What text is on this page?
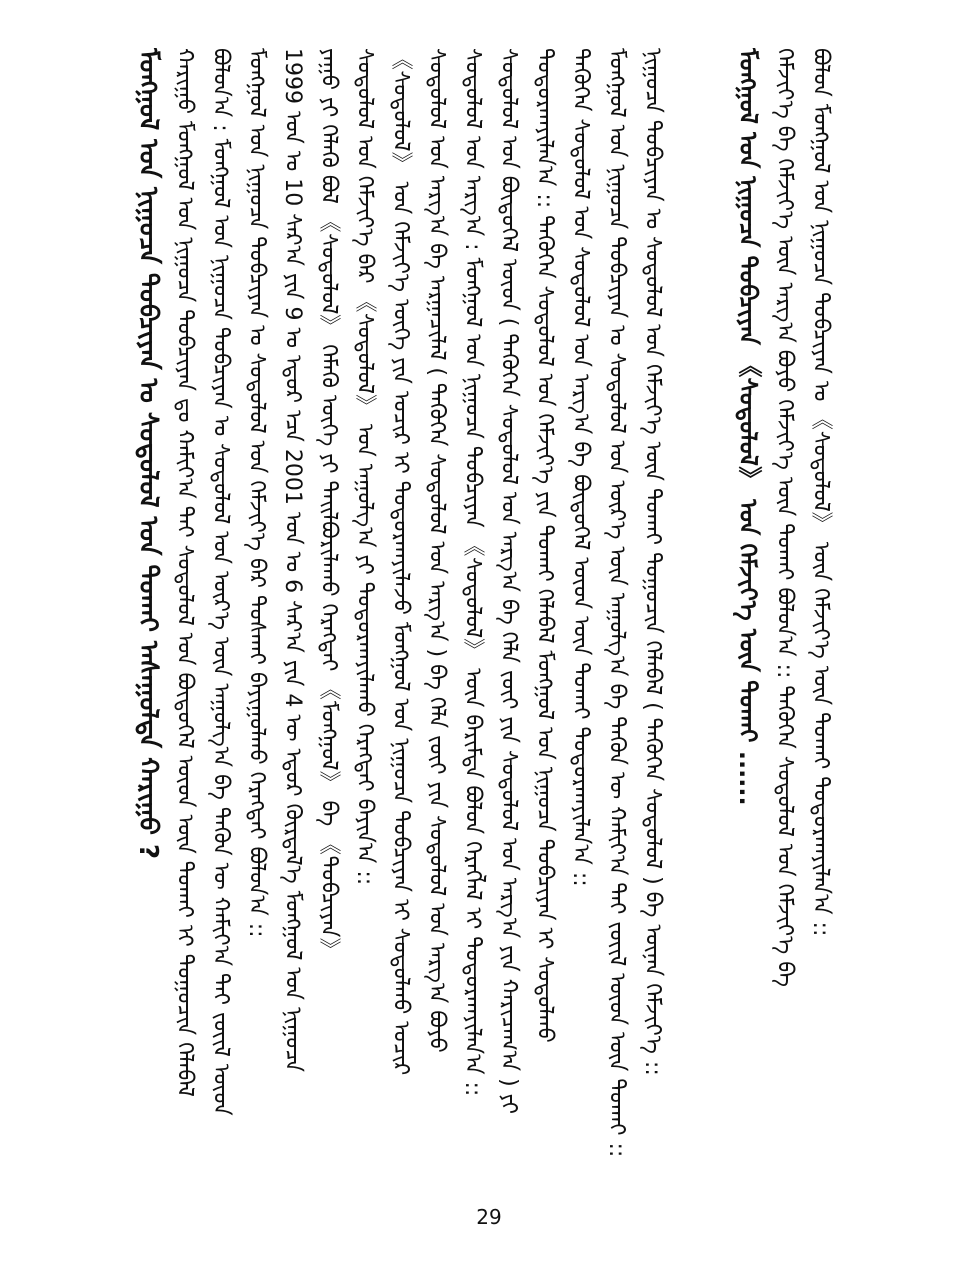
ᠮᠣᠩᠭᠣᠯ ᠤᠨ ᠨᠢᠭᠤᠴᠠ ᠲᠣᠪᠴᠢᠶᠠᠨ ᠤ ᠰᠤᠳᠤᠯᠤᠯ ᠤᠨ ᠲᠤᠬᠠᠢ ᠠᠰᠠᠭᠤᠯᠲᠠ ᠬᠠᠷᠢᠭᠤ ? ᠬᠠᠷᠢᠭᠤ ᠮᠣᠩᠭᠣᠯ ᠤᠨ ᠨᠢᠭᠤᠴᠠ ᠲᠣᠪᠴᠢᠶᠠᠨ ᠳᠤ ᠬᠠᠮᠢᠶ᠎ᠠ ᠲᠠᠢ ᠰᠤᠳᠤᠯᠤᠯ ᠤᠨ ᠪᠦᠲᠦᠭᠡᠯ ᠦᠳ ᠦᠨ ᠲᠤᠬᠠᠢ ᠢ ᠲᠣᠭᠤᠴᠢᠨ ᠬᠡᠯᠡᠪᠡᠯ ᠪᠣᠯᠤᠨ᠎ᠠ : ᠮᠣᠩᠭᠣᠯ ᠤᠨ ᠨᠢᠭᠤᠴᠠ ᠲᠣᠪᠴᠢᠶᠠᠨ ᠤ ᠰᠤᠳᠤᠯᠤᠯ ᠤᠨ ᠦᠷ᠎ᠡ ᠦᠨ ᠠᠭᠤᠯᠭ᠎ᠠ ᠪᠠ ᠲᠡᠭᠦᠨ ᠦ ᠬᠠᠮᠢᠶ᠎ᠠ ᠲᠠᠢ ᠵᠦᠢᠯ ᠦᠳ ᠮᠣᠩᠭᠣᠯ ᠤᠨ ᠨᠢᠭᠤᠴᠠ ᠲᠣᠪᠴᠢᠶᠠᠨ ᠤ ᠰᠤᠳᠤᠯᠤᠯ ᠤᠨ ᠬᠡᠮᠵᠢᠶ᠎ᠡ ᠪᠡᠷ ᠲᠤᠰᠬᠠᠢ ᠪᠠᠶᠢᠭᠤᠯᠬᠤ ᠬᠡᠷᠡᠭᠲᠡᠢ ᠪᠣᠯᠤᠨ᠎ᠠ :: 1999 ᠣᠨ ᠤ 10 ᠰᠠᠷ᠎ᠠ ᠶᠢᠨ 9 ᠤ ᠡᠳᠦᠷ ᠡᠴᠡ 2001 ᠣᠨ ᠤ 6 ᠰᠠᠷ᠎ᠠ ᠶᠢᠨ 4 ᠦ ᠡᠳᠦᠷ ᠬᠦᠷᠲᠡᠯ᠎ᠡ ᠮᠣᠩᠭᠣᠯ ᠤᠨ ᠨᠢᠭᠤᠴᠠ ᠶᠠᠭᠤ ᠶᠢ ᠬᠡᠯᠡᠬᠦ ᠪᠣᠯ 《ᠰᠤᠳᠤᠯᠤᠯ》 ᠬᠡᠮᠡᠬᠦ ᠦᠭᠡ ᠶᠢ ᠲᠠᠢᠯᠪᠤᠷᠢᠯᠠᠬᠤ ᠬᠡᠷᠡᠭᠲᠡᠢ 《ᠮᠣᠩᠭᠣᠯ》 ᠪᠠ 《ᠲᠣᠪᠴᠢᠶᠠᠨ》 ᠰᠤᠳᠤᠯᠤᠯ ᠤᠨ ᠬᠡᠮᠵᠢᠶ᠎ᠡ ᠪᠡᠷ 《ᠰᠤᠳᠤᠯᠤᠯ》 ᠤᠨ ᠠᠭᠤᠯᠭ᠎ᠠ ᠶᠢ ᠲᠣᠳᠣᠷᠬᠠᠶᠢᠯᠠᠬᠤ ᠬᠡᠷᠡᠭᠲᠡᠢ ᠪᠠᠶᠢᠨ᠎ᠠ :: 《ᠰᠤᠳᠤᠯᠤᠯ》 ᠤᠨ ᠬᠡᠮᠵᠢᠶ᠎ᠡ ᠦᠭᠡ ᠶᠢᠨ ᠤᠴᠢᠷ ᠢ ᠲᠣᠳᠣᠷᠬᠠᠶᠢᠯᠠᠵᠤ ᠮᠣᠩᠭᠣᠯ ᠤᠨ ᠨᠢᠭᠤᠴᠠ ᠲᠣᠪᠴᠢᠶᠠᠨ ᠢ ᠰᠤᠳᠤᠯᠬᠤ ᠤᠴᠢᠷ ᠰᠤᠳᠤᠯᠤᠯ ᠤᠨ ᠠᠷᠭ᠎ᠠ ᠪᠠ ᠠᠷᠭᠠᠴᠢᠯᠠᠯ ( ᠲᠡᠭᠦᠬᠡᠨ ᠰᠤᠳᠤᠯᠤᠯ ᠤᠨ ᠠᠷᠭ᠎ᠠ ) ᠪᠠ ᠬᠡᠯᠡ ᠵᠦᠢ ᠶᠢᠨ ᠰᠤᠳᠤᠯᠤᠯ ᠤᠨ ᠠᠷᠭ᠎ᠠ ᠪᠤᠶᠤ ᠰᠤᠳᠤᠯᠤᠯ ᠤᠨ ᠠᠷᠭ᠎ᠠ : ᠮᠣᠩᠭᠣᠯ ᠤᠨ ᠨᠢᠭᠤᠴᠠ ᠲᠣᠪᠴᠢᠶᠠᠨ 《ᠰᠤᠳᠤᠯᠤᠯ》 ᠦᠨ ᠪᠠᠷᠢᠮᠲᠠ ᠪᠣᠯᠤᠨ ᠬᠡᠷᠡᠭᠯᠡᠯ ᠢ ᠲᠣᠳᠣᠷᠬᠠᠶᠢᠯᠠᠨ᠎ᠠ :: ᠰᠤᠳᠤᠯᠤᠯ ᠤᠨ ᠪᠦᠲᠦᠭᠡᠯ ᠦᠳ ( ᠲᠡᠭᠦᠬᠡᠨ ᠰᠤᠳᠤᠯᠤᠯ ᠤᠨ ᠠᠷᠭ᠎ᠠ ᠪᠠ ᠬᠡᠯᠡ ᠵᠦᠢ ᠶᠢᠨ ᠰᠤᠳᠤᠯᠤᠯ ᠤᠨ ᠠᠷᠭ᠎ᠠ ᠶᠢᠨ ᠬᠠᠷᠢᠴᠠᠭ᠎ᠠ ) ᠶᠢ ᠲᠣᠳᠣᠷᠬᠠᠶᠢᠯᠠᠨ᠎ᠠ :: ᠲᠡᠭᠦᠬᠡᠨ ᠰᠤᠳᠤᠯᠤᠯ ᠤᠨ ᠬᠡᠮᠵᠢᠶ᠎ᠡ ᠶᠢᠨ ᠲᠣᠬᠠᠢ ᠬᠡᠯᠡᠪᠡᠯ ᠮᠣᠩᠭᠣᠯ ᠤᠨ ᠨᠢᠭᠤᠴᠠ ᠲᠣᠪᠴᠢᠶᠠᠨ ᠢ ᠰᠤᠳᠤᠯᠬᠤ ᠲᠡᠭᠦᠬᠡᠨ ᠰᠤᠳᠤᠯᠤᠯ ᠤᠨ ᠰᠤᠳᠤᠯᠤᠯ ᠤᠨ ᠠᠷᠭ᠎ᠠ ᠪᠠ ᠪᠦᠲᠦᠭᠡᠯ ᠦᠳ ᠦᠨ ᠲᠤᠬᠠᠢ ᠲᠣᠳᠣᠷᠬᠠᠶᠢᠯᠠᠨ᠎ᠠ :: ᠮᠣᠩᠭᠣᠯ ᠤᠨ ᠨᠢᠭᠤᠴᠠ ᠲᠣᠪᠴᠢᠶᠠᠨ ᠤ ᠰᠤᠳᠤᠯᠤᠯ ᠤᠨ ᠦᠷ᠎ᠡ ᠦᠨ ᠠᠭᠤᠯᠭ᠎ᠠ ᠪᠠ ᠲᠡᠭᠦᠨ ᠦ ᠬᠠᠮᠢᠶ᠎ᠠ ᠲᠠᠢ ᠵᠦᠢᠯ ᠦᠳ ᠦᠨ ᠲᠤᠬᠠᠢ :: ᠨᠢᠭᠤᠴᠠ ᠲᠣᠪᠴᠢᠶᠠᠨ ᠤ ᠰᠤᠳᠤᠯᠤᠯ ᠤᠨ ᠬᠡᠮᠵᠢᠶ᠎ᠡ ᠦᠨ ᠲᠤᠬᠠᠢ ᠲᠣᠭᠤᠴᠢᠨ ᠬᠡᠯᠡᠪᠡᠯ ( ᠲᠡᠭᠦᠬᠡᠨ ᠰᠤᠳᠤᠯᠤᠯ ) ᠪᠠ ᠦᠨᠡᠨ ᠬᠡᠮᠵᠢᠶ᠎ᠡ ::	ᠮᠣᠩᠭᠣᠯ ᠤᠨ ᠨᠢᠭᠤᠴᠠ ᠲᠣᠪᠴᠢᠶᠠᠨ 《ᠰᠤᠳᠤᠯᠤᠯ》 ᠤᠨ ᠬᠡᠮᠵᠢᠶ᠎ᠡ ᠦᠨ ᠲᠤᠬᠠᠢ ...... ᠬᠡᠮᠵᠢᠶ᠎ᠡ ᠪᠠ ᠬᠡᠮᠵᠢᠶ᠎ᠡ ᠦᠨ ᠠᠷᠭ᠎ᠠ ᠪᠤᠶᠤ ᠬᠡᠮᠵᠢᠶ᠎ᠡ ᠦᠨ ᠲᠤᠬᠠᠢ ᠪᠣᠯᠤᠨ᠎ᠠ :: ᠲᠡᠭᠦᠬᠡᠨ ᠰᠤᠳᠤᠯᠤᠯ ᠤᠨ ᠬᠡᠮᠵᠢᠶ᠎ᠡ ᠪᠠ ᠪᠣᠯᠤᠨ ᠮᠣᠩᠭᠣᠯ ᠤᠨ ᠨᠢᠭᠤᠴᠠ ᠲᠣᠪᠴᠢᠶᠠᠨ ᠤ 《ᠰᠤᠳᠤᠯᠤᠯ》 ᠦᠨ ᠬᠡᠮᠵᠢᠶ᠎ᠡ ᠦᠨ ᠲᠤᠬᠠᠢ ᠲᠣᠳᠣᠷᠬᠠᠶᠢᠯᠠᠨ᠎ᠠ ::
29
